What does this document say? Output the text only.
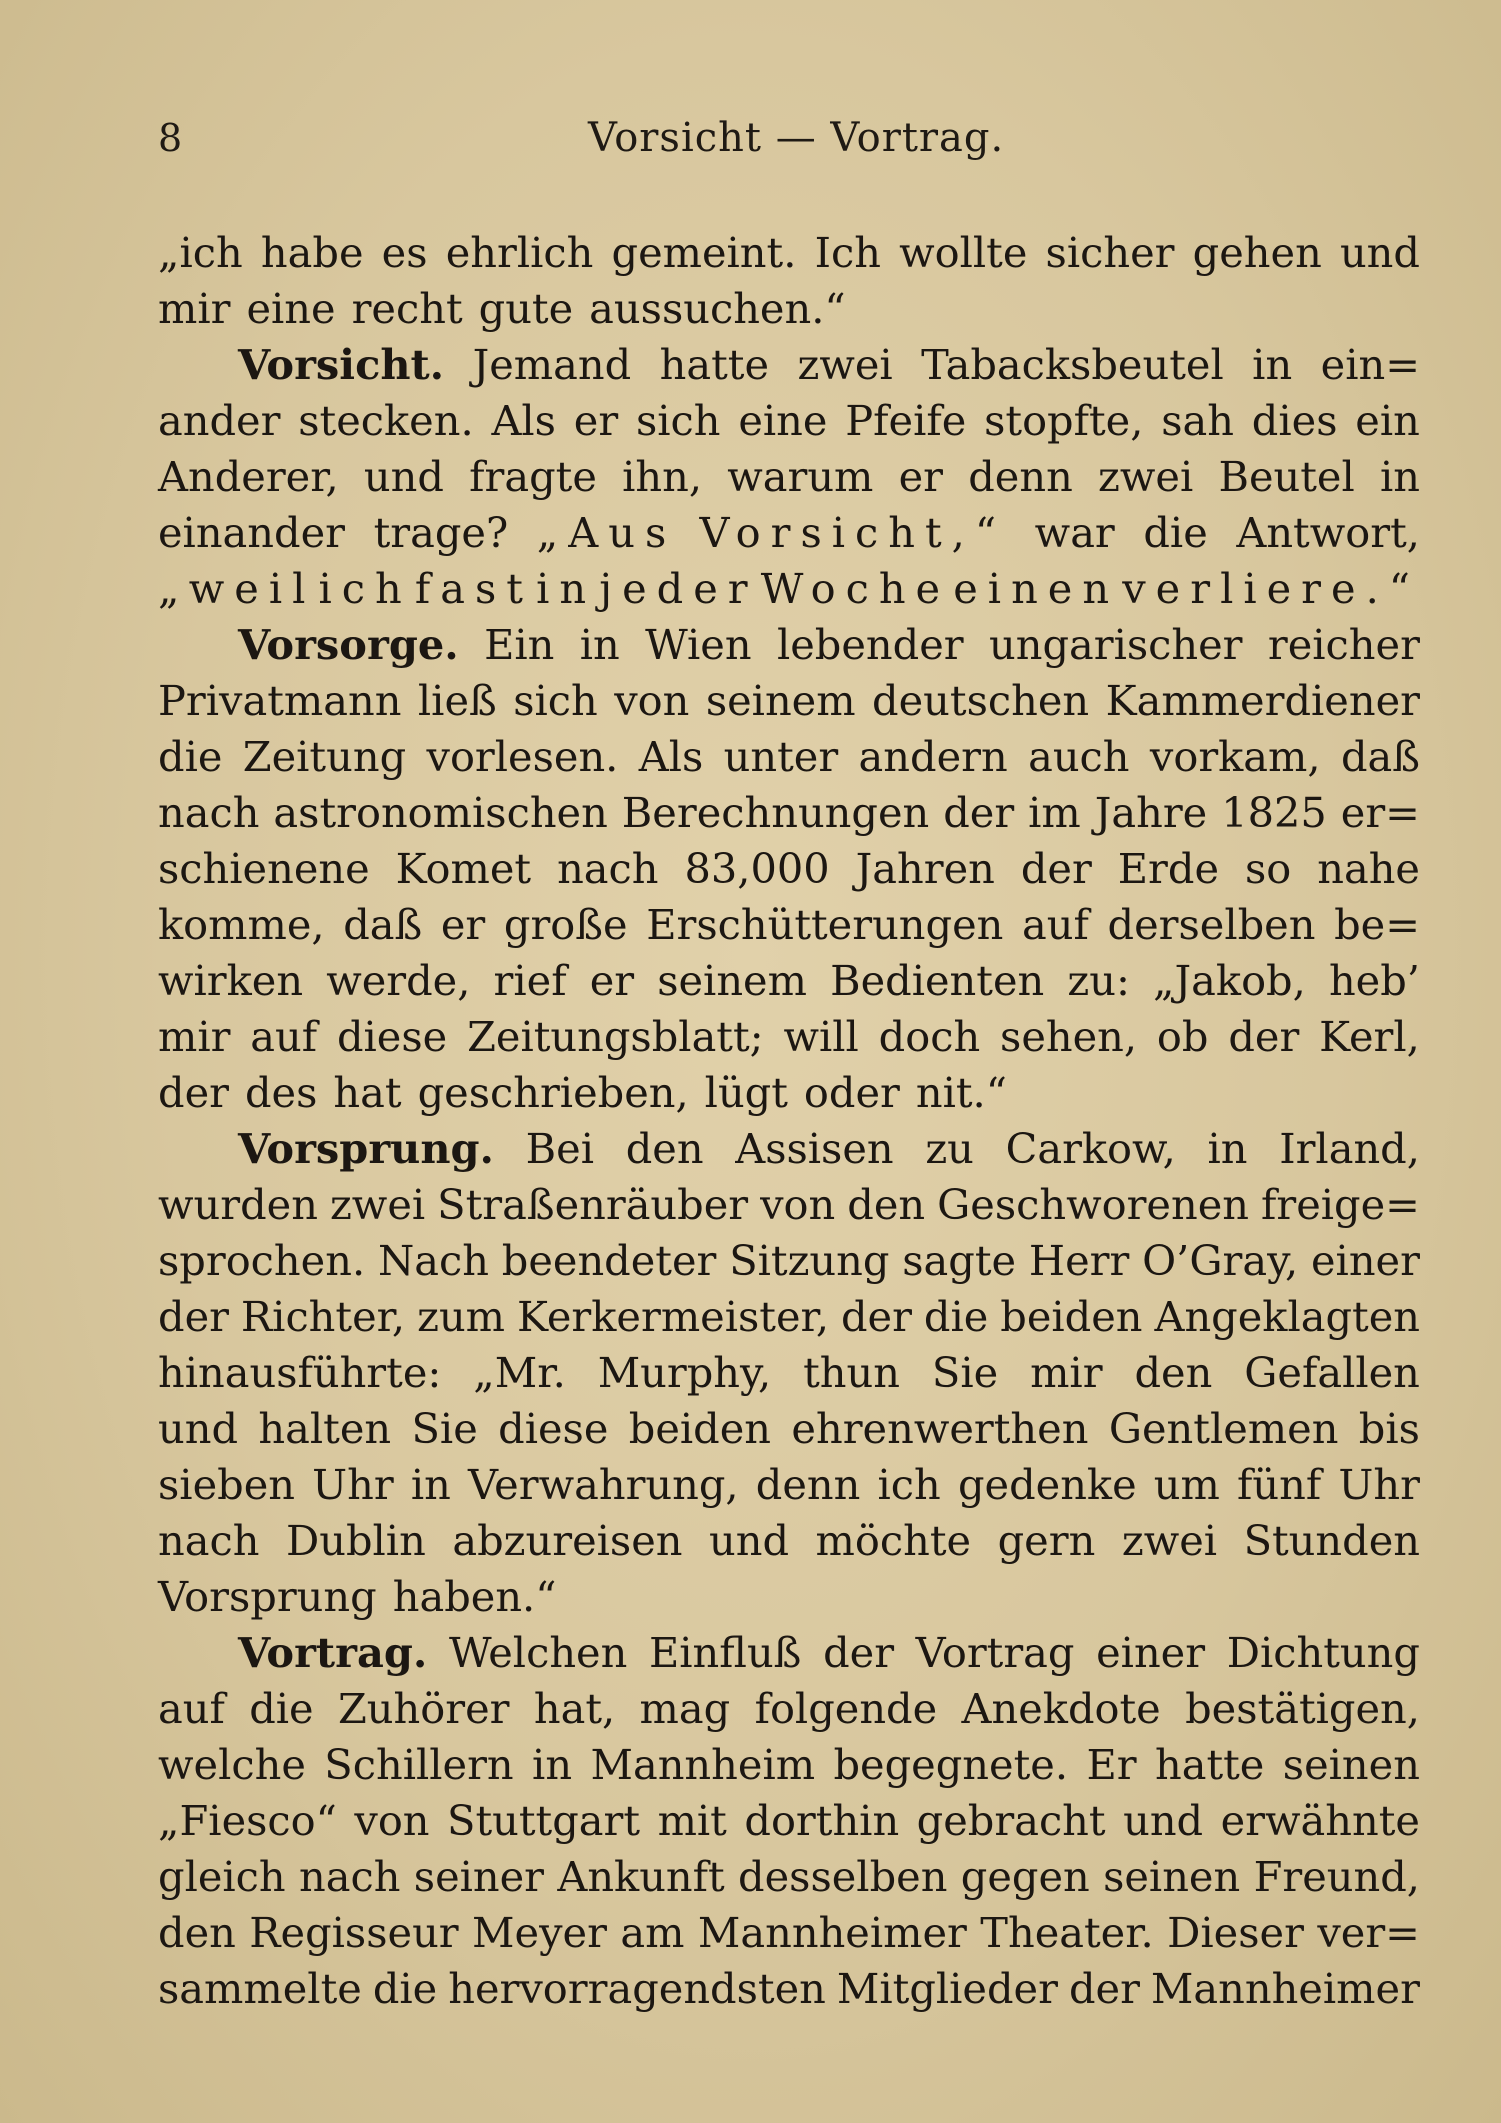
8	Vorsicht — Vortrag.
„ich habe es ehrlich gemeint. Ich wollte sicher gehen und
mir eine recht gute aussuchen.“
Vorsicht. Jemand hatte zwei Tabacksbeutel in ein=
ander stecken. Als er sich eine Pfeife stopfte, sah dies ein
Anderer, und fragte ihn, warum er denn zwei Beutel in
einander trage? „Aus Vorsicht,“ war die Antwort,
„weil ich fast in jeder Woche einen verliere.“
Vorsorge. Ein in Wien lebender ungarischer reicher
Privatmann ließ sich von seinem deutschen Kammerdiener
die Zeitung vorlesen. Als unter andern auch vorkam, daß
nach astronomischen Berechnungen der im Jahre 1825 er=
schienene Komet nach 83,000 Jahren der Erde so nahe
komme, daß er große Erschütterungen auf derselben be=
wirken werde, rief er seinem Bedienten zu: „Jakob, heb’
mir auf diese Zeitungsblatt; will doch sehen, ob der Kerl,
der des hat geschrieben, lügt oder nit.“
Vorsprung. Bei den Assisen zu Carkow, in Irland,
wurden zwei Straßenräuber von den Geschworenen freige=
sprochen. Nach beendeter Sitzung sagte Herr O’Gray, einer
der Richter, zum Kerkermeister, der die beiden Angeklagten
hinausführte: „Mr. Murphy, thun Sie mir den Gefallen
und halten Sie diese beiden ehrenwerthen Gentlemen bis
sieben Uhr in Verwahrung, denn ich gedenke um fünf Uhr
nach Dublin abzureisen und möchte gern zwei Stunden
Vorsprung haben.“
Vortrag. Welchen Einfluß der Vortrag einer Dichtung
auf die Zuhörer hat, mag folgende Anekdote bestätigen,
welche Schillern in Mannheim begegnete. Er hatte seinen
„Fiesco“ von Stuttgart mit dorthin gebracht und erwähnte
gleich nach seiner Ankunft desselben gegen seinen Freund,
den Regisseur Meyer am Mannheimer Theater. Dieser ver=
sammelte die hervorragendsten Mitglieder der Mannheimer
